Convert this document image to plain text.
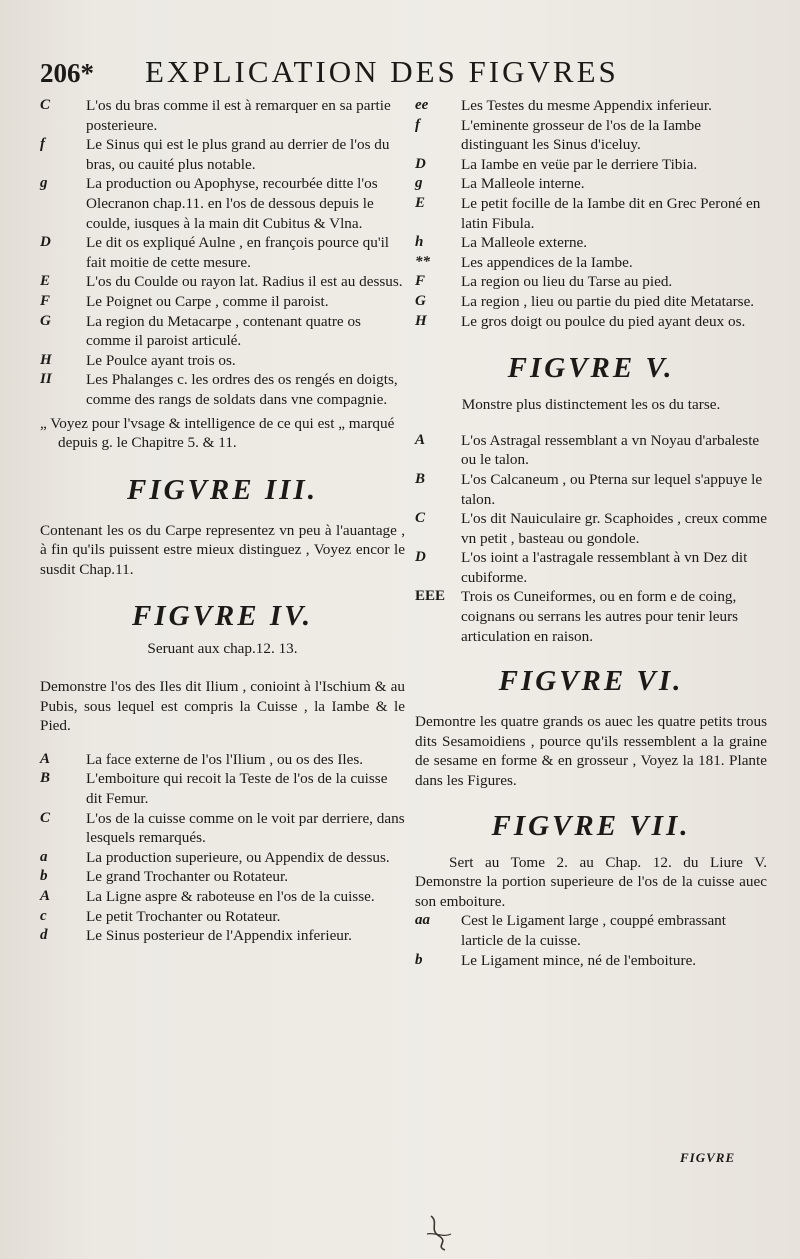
206* EXPLICATION DES FIGVRES
C	L'os du bras comme il est à remarquer en sa partie posterieure.
f	Le Sinus qui est le plus grand au derrier de l'os du bras, ou cauité plus notable.
g	La production ou Apophyse, recourbée ditte l'os Olecranon chap.11. en l'os de dessous depuis le coulde, iusques à la main dit Cubitus & Vlna.
D	Le dit os expliqué Aulne , en françois pource qu'il fait moitie de cette mesure.
E	L'os du Coulde ou rayon lat. Radius il est au dessus.
F	Le Poignet ou Carpe , comme il paroist.
G	La region du Metacarpe , contenant quatre os comme il paroist articulé.
H	Le Poulce ayant trois os.
II	Les Phalanges c. les ordres des os rengés en doigts, comme des rangs de soldats dans vne compagnie.
„ Voyez pour l'vsage & intelligence de ce qui est „ marqué depuis g. le Chapitre 5. & 11.
FIGVRE III.
Contenant les os du Carpe representez vn peu à l'auantage , à fin qu'ils puissent estre mieux distinguez , Voyez encor le susdit Chap.11.
FIGVRE IV.
Seruant aux chap.12. 13.
Demonstre l'os des Iles dit Ilium , conioint à l'Ischium & au Pubis, sous lequel est compris la Cuisse , la Iambe & le Pied.
A	La face externe de l'os l'Ilium , ou os des Iles.
B	L'emboiture qui recoit la Teste de l'os de la cuisse dit Femur.
C	L'os de la cuisse comme on le voit par derriere, dans lesquels remarqués.
a	La production superieure, ou Appendix de dessus.
b	Le grand Trochanter ou Rotateur.
A	La Ligne aspre & raboteuse en l'os de la cuisse.
c	Le petit Trochanter ou Rotateur.
d	Le Sinus posterieur de l'Appendix inferieur.
ee	Les Testes du mesme Appendix inferieur.
f	L'eminente grosseur de l'os de la Iambe distinguant les Sinus d'iceluy.
D	La Iambe en veüe par le derriere Tibia.
g	La Malleole interne.
E	Le petit focille de la Iambe dit en Grec Peroné en latin Fibula.
h	La Malleole externe.
**	Les appendices de la Iambe.
F	La region ou lieu du Tarse au pied.
G	La region , lieu ou partie du pied dite Metatarse.
H	Le gros doigt ou poulce du pied ayant deux os.
FIGVRE V.
Monstre plus distinctement les os du tarse.
A	L'os Astragal ressemblant a vn Noyau d'arbaleste ou le talon.
B	L'os Calcaneum , ou Pterna sur lequel s'appuye le talon.
C	L'os dit Nauiculaire gr. Scaphoides , creux comme vn petit , basteau ou gondole.
D	L'os ioint a l'astragale ressemblant à vn Dez dit cubiforme.
EEE	Trois os Cuneiformes, ou en form e de coing, coignans ou serrans les autres pour tenir leurs articulation en raison.
FIGVRE VI.
Demontre les quatre grands os auec les quatre petits trous dits Sesamoidiens , pource qu'ils ressemblent a la graine de sesame en forme & en grosseur , Voyez la 181. Plante dans les Figures.
FIGVRE VII.
Sert au Tome 2. au Chap. 12. du Liure V. Demonstre la portion superieure de l'os de la cuisse auec son emboiture.
aa	Cest le Ligament large , couppé embrassant larticle de la cuisse.
b	Le Ligament mince, né de l'emboiture.
FIGVRE
